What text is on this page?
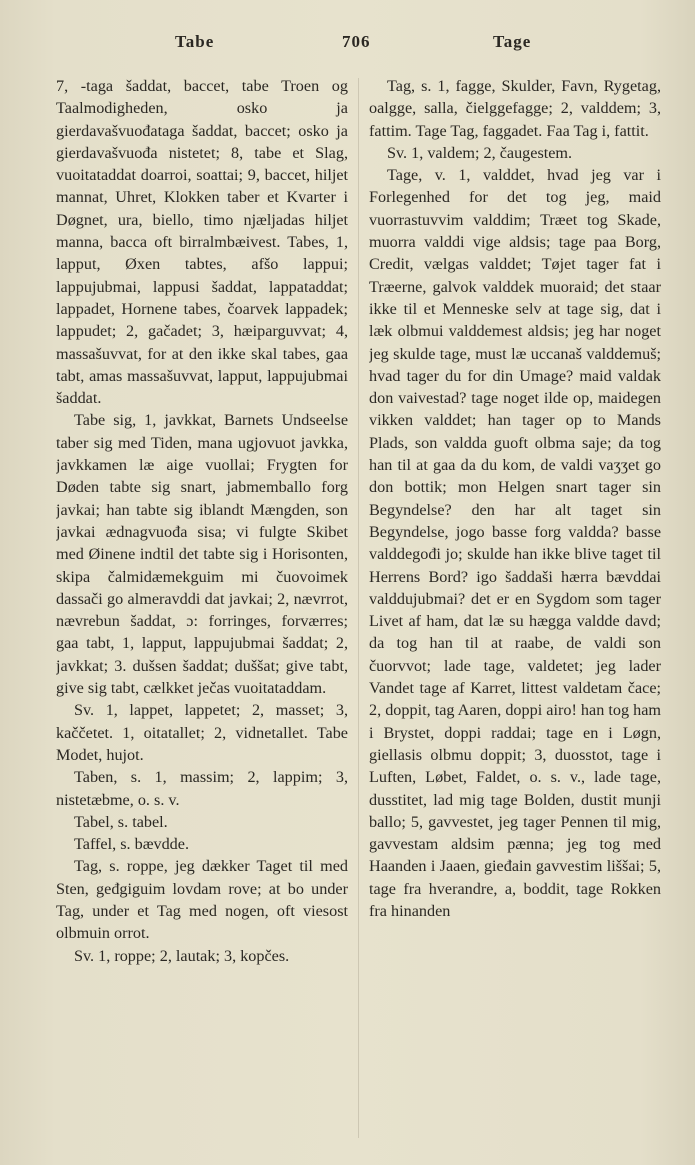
Tabe	706	Tage

7, -taga šaddat, baccet, tabe Troen og Taalmodigheden, osko ja gierdavašvuođataga šaddat, baccet; osko ja gierdavašvuođa nistetet; 8, tabe et Slag, vuoitataddat doarroi, soattai; 9, baccet, hiljet mannat, Uhret, Klokken taber et Kvarter i Døgnet, ura, biello, timo njæljadas hiljet manna, bacca oft birralmbæivest. Tabes, 1, lapput, Øxen tabtes, afšo lappui; lappujubmai, lappusi šaddat, lappataddat; lappadet, Hornene tabes, čoarvek lappadek; lappudet; 2, gačadet; 3, hæiparguvvat; 4, massašuvvat, for at den ikke skal tabes, gaa tabt, amas massašuvvat, lapput, lappujubmai šaddat.

Tabe sig, 1, javkkat, Barnets Undseelse taber sig med Tiden, mana ugjovuot javkka, javkkamen læ aige vuollai; Frygten for Døden tabte sig snart, jabmemballo forg javkai; han tabte sig iblandt Mængden, son javkai ædnagvuođa sisa; vi fulgte Skibet med Øinene indtil det tabte sig i Horisonten, skipa čalmidæmekguim mi čuovoimek dassači go almeravddi dat javkai; 2, nævrrot, nævrebun šaddat, ɔ: forringes, forværres; gaa tabt, 1, lapput, lappujubmai šaddat; 2, javkkat; 3. dušsen šaddat; duššat; give tabt, give sig tabt, cælkket ječas vuoitataddam.

Sv. 1, lappet, lappetet; 2, masset; 3, kaččetet. 1, oitatallet; 2, vidnetallet. Tabe Modet, hujot.

Taben, s. 1, massim; 2, lappim; 3, nistetæbme, o. s. v.

Tabel, s. tabel.

Taffel, s. bævdde.

Tag, s. roppe, jeg dækker Taget til med Sten, geđgiguim lovdam rove; at bo under Tag, under et Tag med nogen, oft viesost olbmuin orrot.

Sv. 1, roppe; 2, lautak; 3, kopčes.

Tag, s. 1, fagge, Skulder, Favn, Rygetag, oalgge, salla, čielggefagge; 2, valddem; 3, fattim. Tage Tag, faggadet. Faa Tag i, fattit.

Sv. 1, valdem; 2, čaugestem.

Tage, v. 1, valddet, hvad jeg var i Forlegenhed for det tog jeg, maid vuorrastuvvim valddim; Træet tog Skade, muorra valddi vige aldsis; tage paa Borg, Credit, vælgas valddet; Tøjet tager fat i Træerne, galvok valddek muoraid; det staar ikke til et Menneske selv at tage sig, dat i læk olbmui valddemest aldsis; jeg har noget jeg skulde tage, must læ uccanaš valddemuš; hvad tager du for din Umage? maid valdak don vaivestad? tage noget ilde op, maidegen vikken valddet; han tager op to Mands Plads, son valdda guoft olbma saje; da tog han til at gaa da du kom, de valdi vaʒʒet go don bottik; mon Helgen snart tager sin Begyndelse? den har alt taget sin Begyndelse, jogo basse forg valdda? basse valddegođi jo; skulde han ikke blive taget til Herrens Bord? igo šaddaši hærra bævddai valddujubmai? det er en Sygdom som tager Livet af ham, dat læ su hægga valdde davd; da tog han til at raabe, de valdi son čuorvvot; lade tage, valdetet; jeg lader Vandet tage af Karret, littest valdetam čace; 2, doppit, tag Aaren, doppi airo! han tog ham i Brystet, doppi raddai; tage en i Løgn, giellasis olbmu doppit; 3, duosstot, tage i Luften, Løbet, Faldet, o. s. v., lade tage, dusstitet, lad mig tage Bolden, dustit munji ballo; 5, gavvestet, jeg tager Pennen til mig, gavvestam aldsim pænna; jeg tog med Haanden i Jaaen, gieđain gavvestim liššai; 5, tage fra hverandre, a, boddit, tage Rokken fra hinanden
